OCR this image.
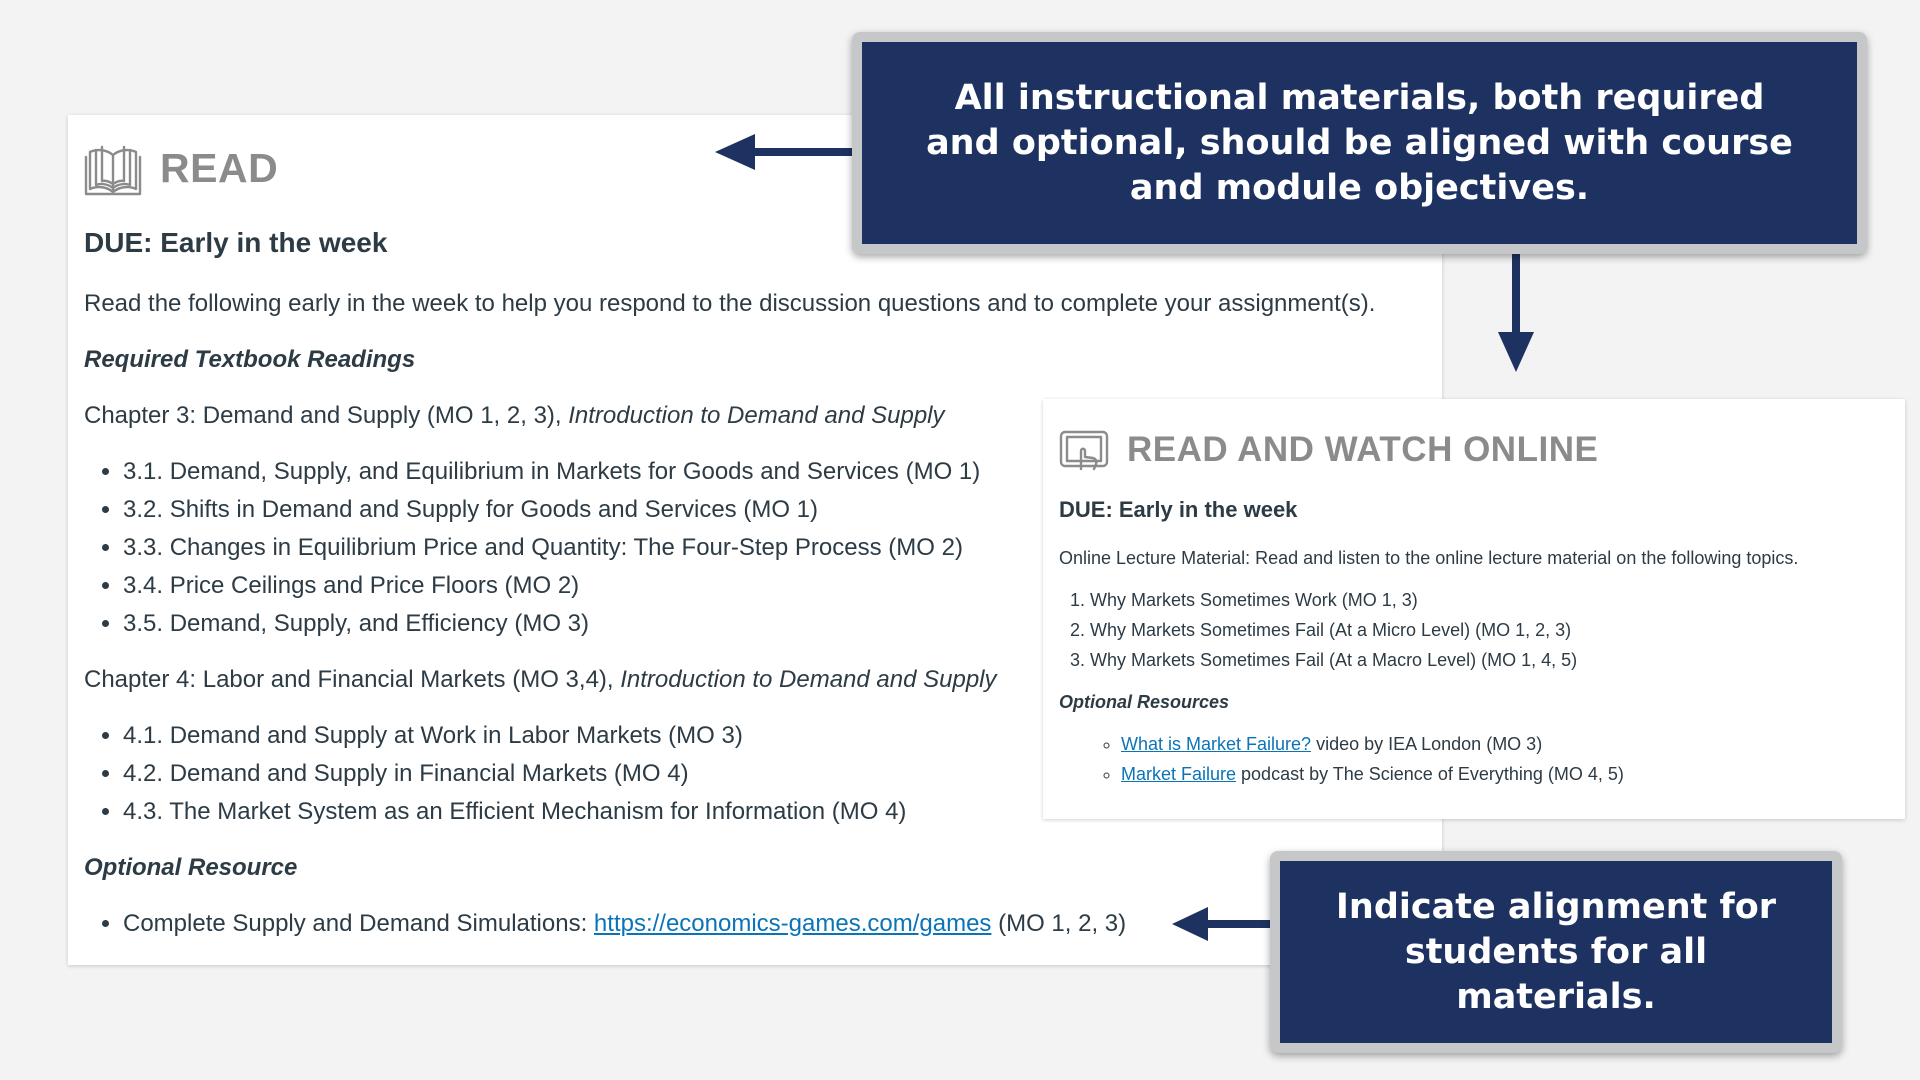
READ
DUE: Early in the week

Read the following early in the week to help you respond to the discussion questions and to complete your assignment(s).

Required Textbook Readings

Chapter 3: Demand and Supply (MO 1, 2, 3), Introduction to Demand and Supply

• 3.1. Demand, Supply, and Equilibrium in Markets for Goods and Services (MO 1)
• 3.2. Shifts in Demand and Supply for Goods and Services (MO 1)
• 3.3. Changes in Equilibrium Price and Quantity: The Four-Step Process (MO 2)
• 3.4. Price Ceilings and Price Floors (MO 2)
• 3.5. Demand, Supply, and Efficiency (MO 3)

Chapter 4: Labor and Financial Markets (MO 3,4), Introduction to Demand and Supply

• 4.1. Demand and Supply at Work in Labor Markets (MO 3)
• 4.2. Demand and Supply in Financial Markets (MO 4)
• 4.3. The Market System as an Efficient Mechanism for Information (MO 4)

Optional Resource

• Complete Supply and Demand Simulations: https://economics-games.com/games (MO 1, 2, 3)
READ AND WATCH ONLINE
DUE: Early in the week

Online Lecture Material: Read and listen to the online lecture material on the following topics.

1. Why Markets Sometimes Work (MO 1, 3)
2. Why Markets Sometimes Fail (At a Micro Level) (MO 1, 2, 3)
3. Why Markets Sometimes Fail (At a Macro Level) (MO 1, 4, 5)

Optional Resources

◦ What is Market Failure? video by IEA London (MO 3)
◦ Market Failure podcast by The Science of Everything (MO 4, 5)
All instructional materials, both required and optional, should be aligned with course and module objectives.
Indicate alignment for students for all materials.
